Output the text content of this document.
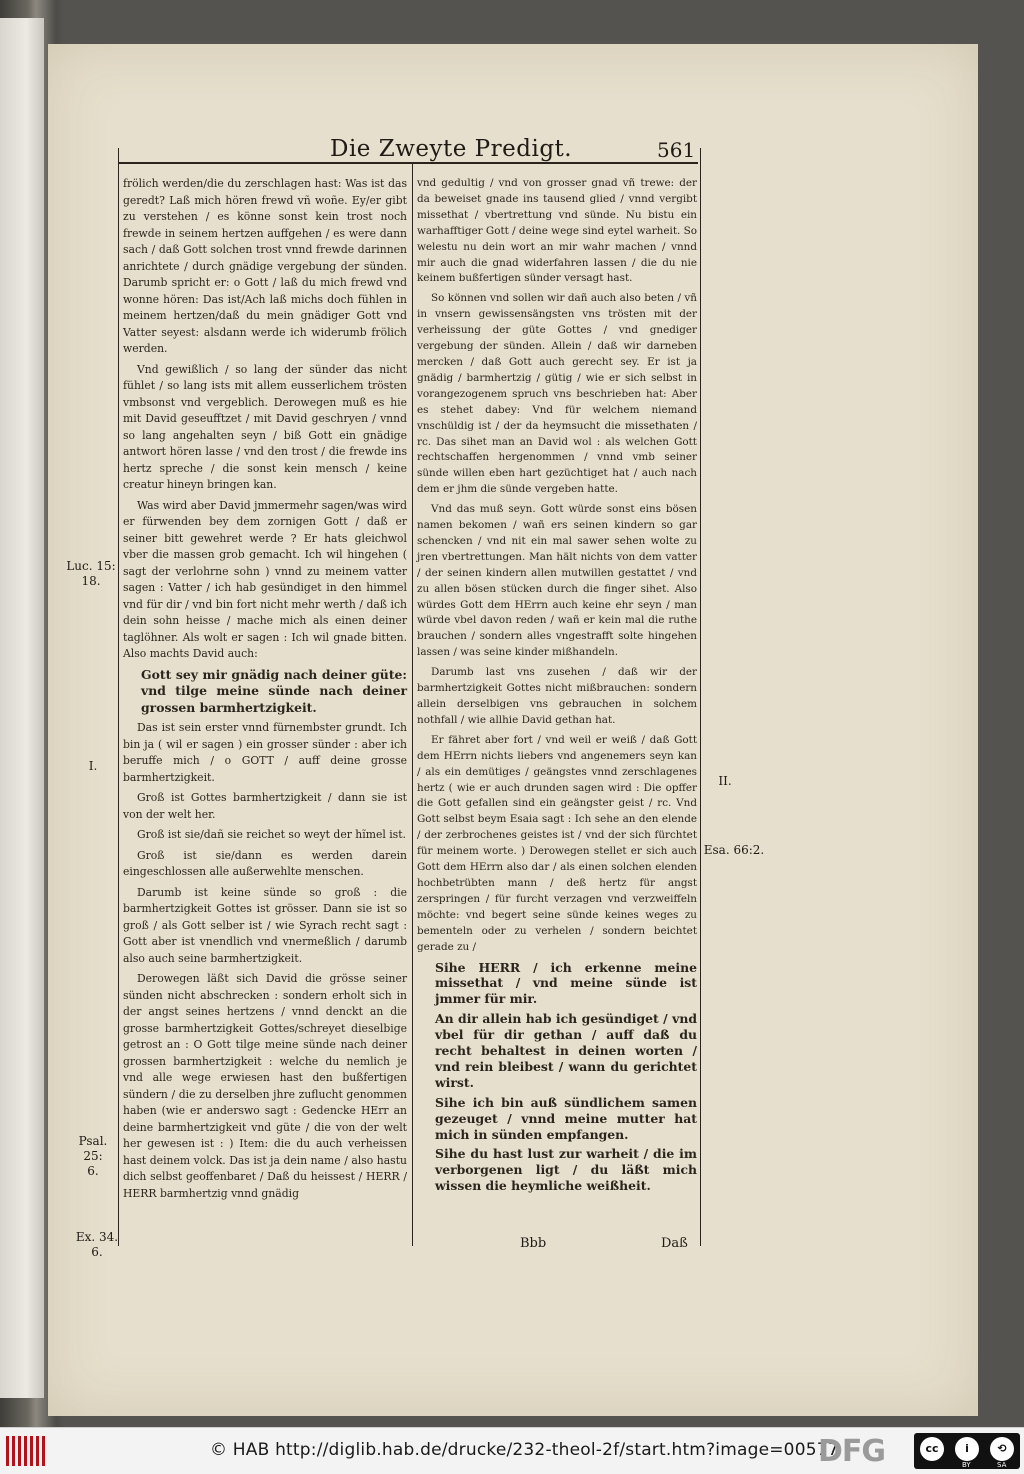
Die Zweyte Predigt.	561

frölich werden/die du zerschlagen hast: Was ist das geredt? Laß mich hören frewd vñ woñe. Ey/er gibt zu verstehen / es könne sonst kein trost noch frewde in seinem hertzen auffgehen / es were dann sach / daß Gott solchen trost vnnd frewde darinnen anrichtete / durch gnädige vergebung der sünden. Darumb spricht er: o Gott / laß du mich frewd vnd wonne hören: Das ist/Ach laß michs doch fühlen in meinem hertzen/daß du mein gnädiger Gott vnd Vatter seyest: alsdann werde ich widerumb frölich werden.

Vnd gewißlich / so lang der sünder das nicht fühlet / so lang ists mit allem eusserlichem trösten vmbsonst vnd vergeblich. Derowegen muß es hie mit David geseufftzet / mit David geschryen / vnnd so lang angehalten seyn / biß Gott ein gnädige antwort hören lasse / vnd den trost / die frewde ins hertz spreche / die sonst kein mensch / keine creatur hineyn bringen kan.

Was wird aber David jmmermehr sagen/was wird er fürwenden bey dem zornigen Gott / daß er seiner bitt gewehret werde ? Er hats gleichwol vber die massen grob gemacht. Ich wil hingehen ( sagt der verlohrne sohn ) vnnd zu meinem vatter sagen : Vatter / ich hab gesündiget in den himmel vnd für dir / vnd bin fort nicht mehr werth / daß ich dein sohn heisse / mache mich als einen deiner taglöhner. Als wolt er sagen : Ich wil gnade bitten. Also machts David auch:

Gott sey mir gnädig nach deiner güte: vnd tilge meine sünde nach deiner grossen barmhertzigkeit.

Das ist sein erster vnnd fürnembster grundt. Ich bin ja ( wil er sagen ) ein grosser sünder : aber ich beruffe mich / o GOTT / auff deine grosse barmhertzigkeit.

Groß ist Gottes barmhertzigkeit / dann sie ist von der welt her.

Groß ist sie/dañ sie reichet so weyt der hĩmel ist.

Groß ist sie/dann es werden darein eingeschlossen alle außerwehlte menschen.

Darumb ist keine sünde so groß : die barmhertzigkeit Gottes ist grösser. Dann sie ist so groß / als Gott selber ist / wie Syrach recht sagt : Gott aber ist vnendlich vnd vnermeßlich / darumb also auch seine barmhertzigkeit.

Derowegen läßt sich David die grösse seiner sünden nicht abschrecken : sondern erholt sich in der angst seines hertzens / vnnd denckt an die grosse barmhertzigkeit Gottes/schreyet dieselbige getrost an : O Gott tilge meine sünde nach deiner grossen barmhertzigkeit : welche du nemlich je vnd alle wege erwiesen hast den bußfertigen sündern / die zu derselben jhre zuflucht genommen haben (wie er anderswo sagt : Gedencke HErr an deine barmhertzigkeit vnd güte / die von der welt her gewesen ist : ) Item: die du auch verheissen hast deinem volck. Das ist ja dein name / also hastu dich selbst geoffenbaret / Daß du heissest / HERR / HERR barmhertzig vnnd gnädig

vnd gedultig / vnd von grosser gnad vñ trewe: der da beweiset gnade ins tausend glied / vnnd vergibt missethat / vbertrettung vnd sünde. Nu bistu ein warhafftiger Gott / deine wege sind eytel warheit. So welestu nu dein wort an mir wahr machen / vnnd mir auch die gnad widerfahren lassen / die du nie keinem bußfertigen sünder versagt hast.

So können vnd sollen wir dañ auch also beten / vñ in vnsern gewissensängsten vns trösten mit der verheissung der güte Gottes / vnd gnediger vergebung der sünden. Allein / daß wir darneben mercken / daß Gott auch gerecht sey. Er ist ja gnädig / barmhertzig / gütig / wie er sich selbst in vorangezogenem spruch vns beschrieben hat: Aber es stehet dabey: Vnd für welchem niemand vnschüldig ist / der da heymsucht die missethaten / rc. Das sihet man an David wol : als welchen Gott rechtschaffen hergenommen / vnnd vmb seiner sünde willen eben hart gezüchtiget hat / auch nach dem er jhm die sünde vergeben hatte.

Vnd das muß seyn. Gott würde sonst eins bösen namen bekomen / wañ ers seinen kindern so gar schencken / vnd nit ein mal sawer sehen wolte zu jren vbertrettungen. Man hält nichts von dem vatter / der seinen kindern allen mutwillen gestattet / vnd zu allen bösen stücken durch die finger sihet. Also würdes Gott dem HErrn auch keine ehr seyn / man würde vbel davon reden / wañ er kein mal die ruthe brauchen / sondern alles vngestrafft solte hingehen lassen / was seine kinder mißhandeln.

Darumb last vns zusehen / daß wir der barmhertzigkeit Gottes nicht mißbrauchen: sondern allein derselbigen vns gebrauchen in solchem nothfall / wie allhie David gethan hat.

Er fähret aber fort / vnd weil er weiß / daß Gott dem HErrn nichts liebers vnd angenemers seyn kan / als ein demütiges / geängstes vnnd zerschlagenes hertz ( wie er auch drunden sagen wird : Die opffer die Gott gefallen sind ein geängster geist / rc. Vnd Gott selbst beym Esaia sagt : Ich sehe an den elende / der zerbrochenes geistes ist / vnd der sich fürchtet für meinem worte. ) Derowegen stellet er sich auch Gott dem HErrn also dar / als einen solchen elenden hochbetrübten mann / deß hertz für angst zerspringen / für furcht verzagen vnd verzweiffeln möchte: vnd begert seine sünde keines weges zu bementeln oder zu verhelen / sondern beichtet gerade zu /

Sihe HERR / ich erkenne meine missethat / vnd meine sünde ist jmmer für mir.

An dir allein hab ich gesündiget / vnd vbel für dir gethan / auff daß du recht behaltest in deinen worten / vnd rein bleibest / wann du gerichtet wirst.

Sihe ich bin auß sündlichem samen gezeuget / vnnd meine mutter hat mich in sünden empfangen.

Sihe du hast lust zur warheit / die im verborgenen ligt / du läßt mich wissen die heymliche weißheit.

Luc. 15:
18.
I.
Psal. 25:
6.
Ex. 34. 6.
II.
Esa. 66:2.
Bbb	Daß
© HAB http://diglib.hab.de/drucke/232-theol-2f/start.htm?image=00577
DFG	cc	i	⟲
BY	SA
